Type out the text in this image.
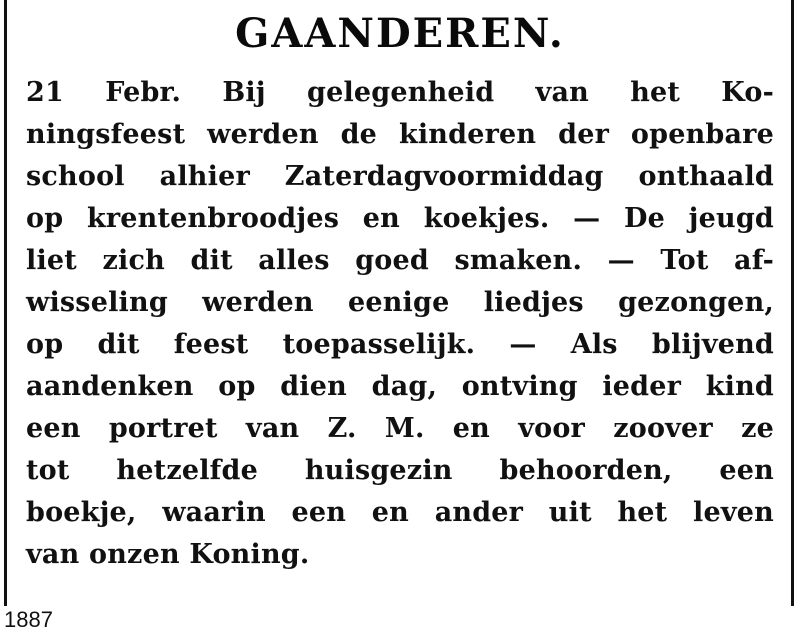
GAANDEREN.
21 Febr. Bij gelegenheid van het Ko-
ningsfeest werden de kinderen der openbare
school alhier Zaterdagvoormiddag onthaald
op krentenbroodjes en koekjes. — De jeugd
liet zich dit alles goed smaken. — Tot af-
wisseling werden eenige liedjes gezongen,
op dit feest toepasselijk. — Als blijvend
aandenken op dien dag, ontving ieder kind
een portret van Z. M. en voor zoover ze
tot hetzelfde huisgezin behoorden, een
boekje, waarin een en ander uit het leven
van onzen Koning.
1887
